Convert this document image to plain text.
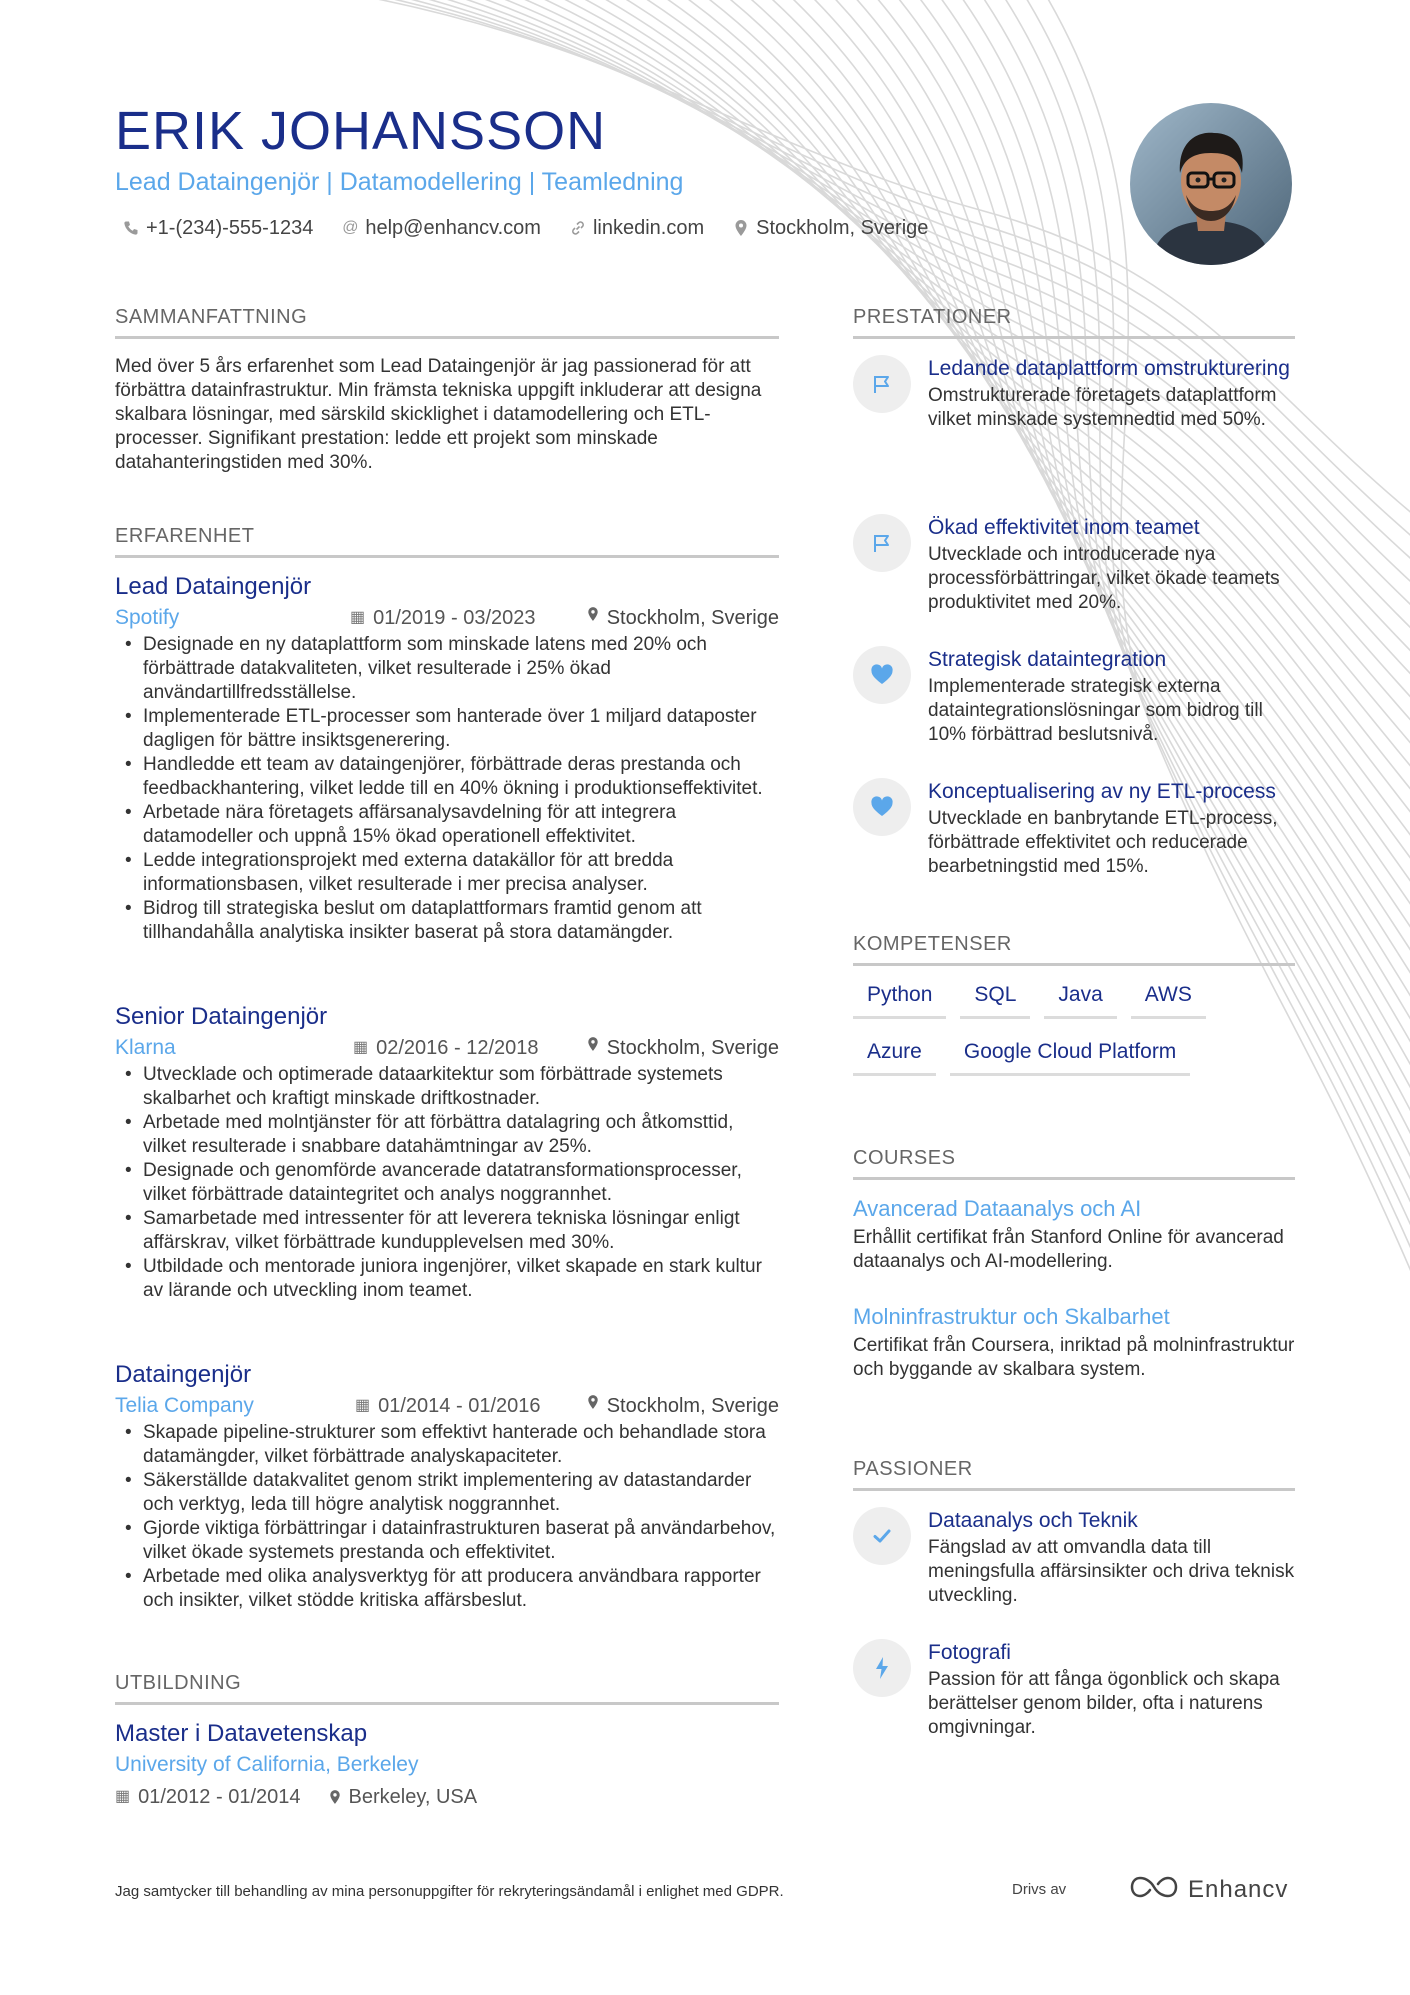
ERIK JOHANSSON
Lead Dataingenjör | Datamodellering | Teamledning
+1-(234)-555-1234 @ help@enhancv.com	linkedin.com	Stockholm, Sverige
SAMMANFATTNING
Med över 5 års erfarenhet som Lead Dataingenjör är jag passionerad för att förbättra datainfrastruktur. Min främsta tekniska uppgift inkluderar att designa skalbara lösningar, med särskild skicklighet i datamodellering och ETL-processer. Signifikant prestation: ledde ett projekt som minskade datahanteringstiden med 30%.
ERFARENHET
Lead Dataingenjör
Spotify	▦ 01/2019 - 03/2023	Stockholm, Sverige
• Designade en ny dataplattform som minskade latens med 20% och förbättrade datakvaliteten, vilket resulterade i 25% ökad användartillfredsställelse.
• Implementerade ETL-processer som hanterade över 1 miljard dataposter dagligen för bättre insiktsgenerering.
• Handledde ett team av dataingenjörer, förbättrade deras prestanda och feedbackhantering, vilket ledde till en 40% ökning i produktionseffektivitet.
• Arbetade nära företagets affärsanalysavdelning för att integrera datamodeller och uppnå 15% ökad operationell effektivitet.
• Ledde integrationsprojekt med externa datakällor för att bredda informationsbasen, vilket resulterade i mer precisa analyser.
• Bidrog till strategiska beslut om dataplattformars framtid genom att tillhandahålla analytiska insikter baserat på stora datamängder.
Senior Dataingenjör
Klarna	▦ 02/2016 - 12/2018	Stockholm, Sverige
• Utvecklade och optimerade dataarkitektur som förbättrade systemets skalbarhet och kraftigt minskade driftkostnader.
• Arbetade med molntjänster för att förbättra datalagring och åtkomsttid, vilket resulterade i snabbare datahämtningar av 25%.
• Designade och genomförde avancerade datatransformationsprocesser, vilket förbättrade dataintegritet och analys noggrannhet.
• Samarbetade med intressenter för att leverera tekniska lösningar enligt affärskrav, vilket förbättrade kundupplevelsen med 30%.
• Utbildade och mentorade juniora ingenjörer, vilket skapade en stark kultur av lärande och utveckling inom teamet.
Dataingenjör
Telia Company	▦ 01/2014 - 01/2016	Stockholm, Sverige
• Skapade pipeline-strukturer som effektivt hanterade och behandlade stora datamängder, vilket förbättrade analyskapaciteter.
• Säkerställde datakvalitet genom strikt implementering av datastandarder och verktyg, leda till högre analytisk noggrannhet.
• Gjorde viktiga förbättringar i datainfrastrukturen baserat på användarbehov, vilket ökade systemets prestanda och effektivitet.
• Arbetade med olika analysverktyg för att producera användbara rapporter och insikter, vilket stödde kritiska affärsbeslut.
UTBILDNING
Master i Datavetenskap
University of California, Berkeley
▦ 01/2012 - 01/2014 Berkeley, USA
PRESTATIONER
Ledande dataplattform omstrukturering
Omstrukturerade företagets dataplattform vilket minskade systemnedtid med 50%.
Ökad effektivitet inom teamet
Utvecklade och introducerade nya processförbättringar, vilket ökade teamets produktivitet med 20%.
Strategisk dataintegration
Implementerade strategisk externa dataintegrationslösningar som bidrog till 10% förbättrad beslutsnivå.
Konceptualisering av ny ETL-process
Utvecklade en banbrytande ETL-process, förbättrade effektivitet och reducerade bearbetningstid med 15%.
KOMPETENSER
Python	SQL	Java	AWS
Azure	Google Cloud Platform
COURSES
Avancerad Dataanalys och AI
Erhållit certifikat från Stanford Online för avancerad dataanalys och AI-modellering.
Molninfrastruktur och Skalbarhet
Certifikat från Coursera, inriktad på molninfrastruktur och byggande av skalbara system.
PASSIONER
Dataanalys och Teknik
Fängslad av att omvandla data till meningsfulla affärsinsikter och driva teknisk utveckling.
Fotografi
Passion för att fånga ögonblick och skapa berättelser genom bilder, ofta i naturens omgivningar.
Jag samtycker till behandling av mina personuppgifter för rekryteringsändamål i enlighet med GDPR.	Drivs av	Enhancv
